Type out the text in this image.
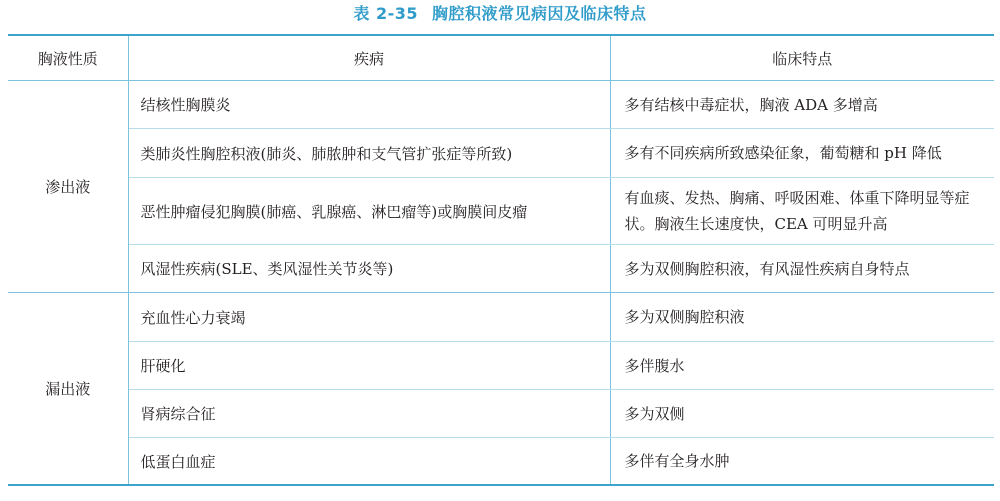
表 2-35 胸腔积液常见病因及临床特点
胸液性质	疾病	临床特点
渗出液	结核性胸膜炎	多有结核中毒症状，胸液 ADA 多增高
	类肺炎性胸腔积液(肺炎、肺脓肿和支气管扩张症等所致)	多有不同疾病所致感染征象，葡萄糖和 pH 降低
	恶性肿瘤侵犯胸膜(肺癌、乳腺癌、淋巴瘤等)或胸膜间皮瘤	有血痰、发热、胸痛、呼吸困难、体重下降明显等症状。胸液生长速度快，CEA 可明显升高
	风湿性疾病(SLE、类风湿性关节炎等)	多为双侧胸腔积液，有风湿性疾病自身特点
漏出液	充血性心力衰竭	多为双侧胸腔积液
	肝硬化	多伴腹水
	肾病综合征	多为双侧
	低蛋白血症	多伴有全身水肿
